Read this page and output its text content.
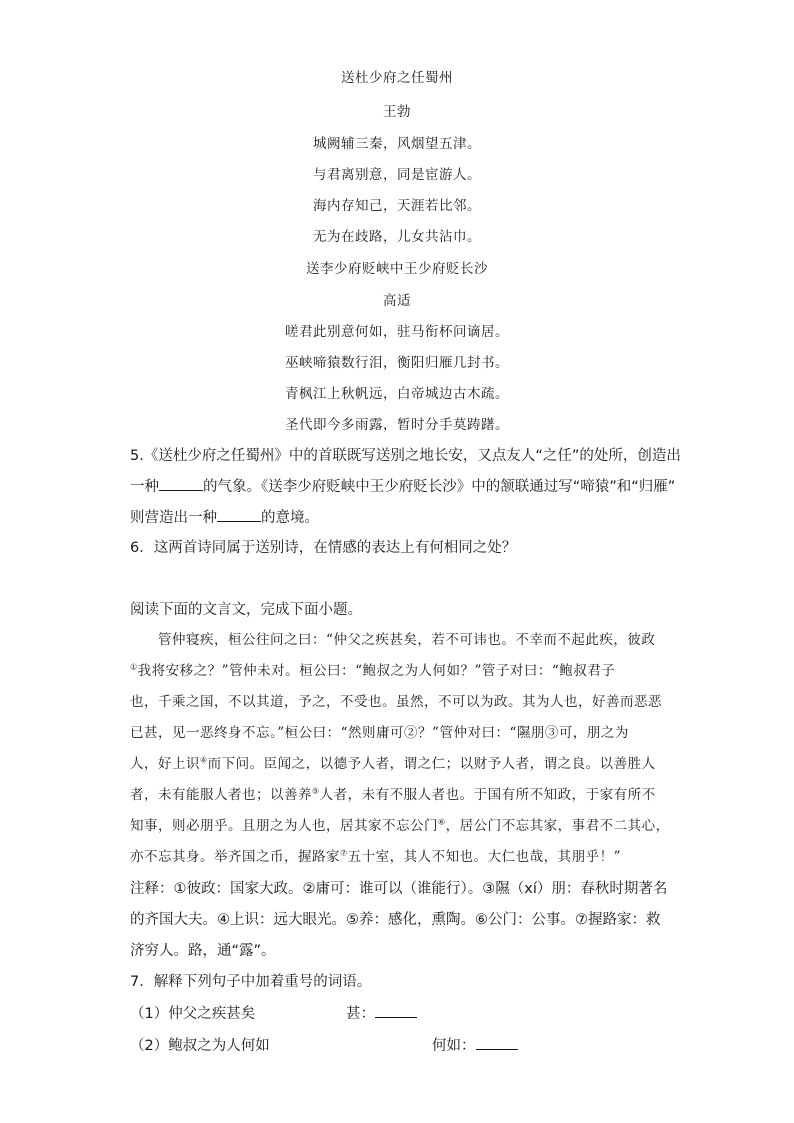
送杜少府之任蜀州
王勃
城阙辅三秦，风烟望五津。
与君离别意，同是宦游人。
海内存知己，天涯若比邻。
无为在歧路，儿女共沾巾。
送李少府贬峡中王少府贬长沙
高适
嗟君此别意何如，驻马衔杯问谪居。
巫峡啼猿数行泪，衡阳归雁几封书。
青枫江上秋帆远，白帝城边古木疏。
圣代即今多雨露，暂时分手莫踌躇。
5.《送杜少府之任蜀州》中的首联既写送别之地长安，又点友人“之任”的处所，创造出
一种	的气象。《送李少府贬峡中王少府贬长沙》中的颔联通过写“啼猿”和“归雁”
则营造出一种	的意境。
6．这两首诗同属于送别诗，在情感的表达上有何相同之处？
阅读下面的文言文，完成下面小题。
管仲寝疾，桓公往问之曰：“仲父之疾甚矣，若不可讳也。不幸而不起此疾，彼政
①我将安移之？”管仲未对。桓公曰：“鲍叔之为人何如？”管子对曰：“鲍叔君子
也，千乘之国，不以其道，予之，不受也。虽然，不可以为政。其为人也，好善而恶恶
已甚，见一恶终身不忘。”桓公曰：“然则庸可②？”管仲对曰：“隰朋③可，朋之为
人，好上识④而下问。臣闻之，以德予人者，谓之仁；以财予人者，谓之良。以善胜人
者，未有能服人者也；以善养⑤人者，未有不服人者也。于国有所不知政，于家有所不
知事，则必朋乎。且朋之为人也，居其家不忘公门⑥，居公门不忘其家，事君不二其心，
亦不忘其身。举齐国之币，握路家⑦五十室，其人不知也。大仁也哉，其朋乎！”
注释：①彼政：国家大政。②庸可：谁可以（谁能行）。③隰（xí）朋：春秋时期著名
的齐国大夫。④上识：远大眼光。⑤养：感化，熏陶。⑥公门：公事。⑦握路家：救
济穷人。路，通“露”。
7．解释下列句子中加着重号的词语。
（1）仲父之疾甚矣	甚：
（2）鲍叔之为人何如	何如：
